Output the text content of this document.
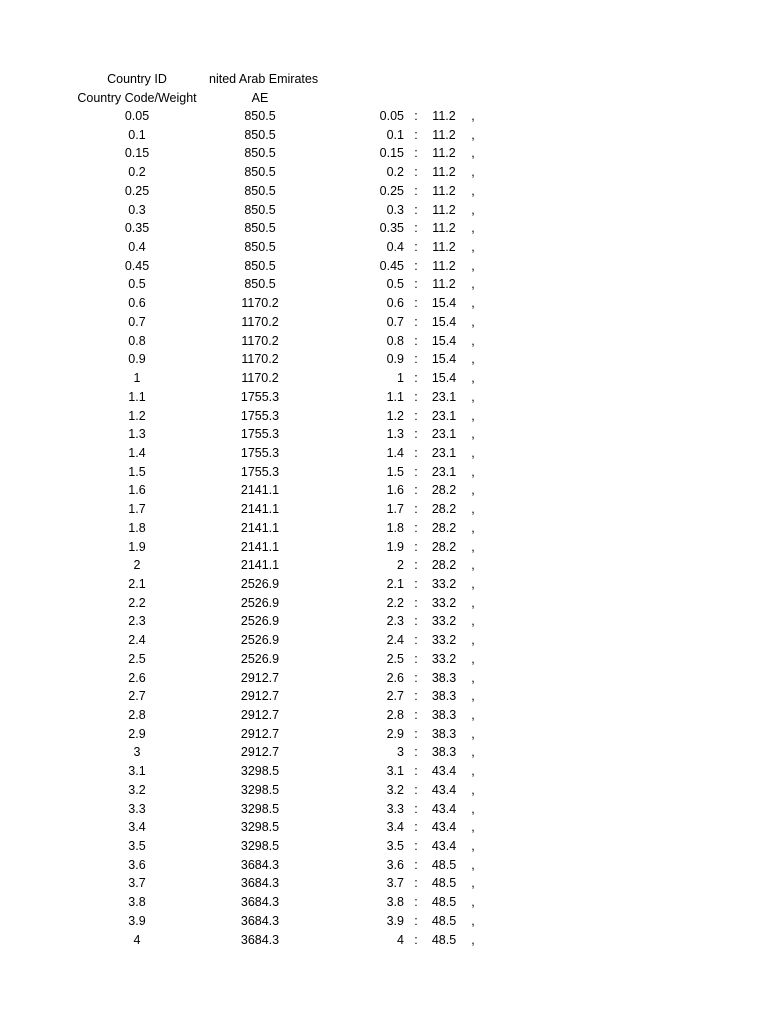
Country ID	nited Arab Emirates
Country Code/Weight	AE
0.05	850.5	0.05 :	11.2	,
0.1	850.5	0.1 :	11.2	,
0.15	850.5	0.15 :	11.2	,
0.2	850.5	0.2 :	11.2	,
0.25	850.5	0.25 :	11.2	,
0.3	850.5	0.3 :	11.2	,
0.35	850.5	0.35 :	11.2	,
0.4	850.5	0.4 :	11.2	,
0.45	850.5	0.45 :	11.2	,
0.5	850.5	0.5 :	11.2	,
0.6	1170.2	0.6 :	15.4	,
0.7	1170.2	0.7 :	15.4	,
0.8	1170.2	0.8 :	15.4	,
0.9	1170.2	0.9 :	15.4	,
1	1170.2	1 :	15.4	,
1.1	1755.3	1.1 :	23.1	,
1.2	1755.3	1.2 :	23.1	,
1.3	1755.3	1.3 :	23.1	,
1.4	1755.3	1.4 :	23.1	,
1.5	1755.3	1.5 :	23.1	,
1.6	2141.1	1.6 :	28.2	,
1.7	2141.1	1.7 :	28.2	,
1.8	2141.1	1.8 :	28.2	,
1.9	2141.1	1.9 :	28.2	,
2	2141.1	2 :	28.2	,
2.1	2526.9	2.1 :	33.2	,
2.2	2526.9	2.2 :	33.2	,
2.3	2526.9	2.3 :	33.2	,
2.4	2526.9	2.4 :	33.2	,
2.5	2526.9	2.5 :	33.2	,
2.6	2912.7	2.6 :	38.3	,
2.7	2912.7	2.7 :	38.3	,
2.8	2912.7	2.8 :	38.3	,
2.9	2912.7	2.9 :	38.3	,
3	2912.7	3 :	38.3	,
3.1	3298.5	3.1 :	43.4	,
3.2	3298.5	3.2 :	43.4	,
3.3	3298.5	3.3 :	43.4	,
3.4	3298.5	3.4 :	43.4	,
3.5	3298.5	3.5 :	43.4	,
3.6	3684.3	3.6 :	48.5	,
3.7	3684.3	3.7 :	48.5	,
3.8	3684.3	3.8 :	48.5	,
3.9	3684.3	3.9 :	48.5	,
4	3684.3	4 :	48.5	,
